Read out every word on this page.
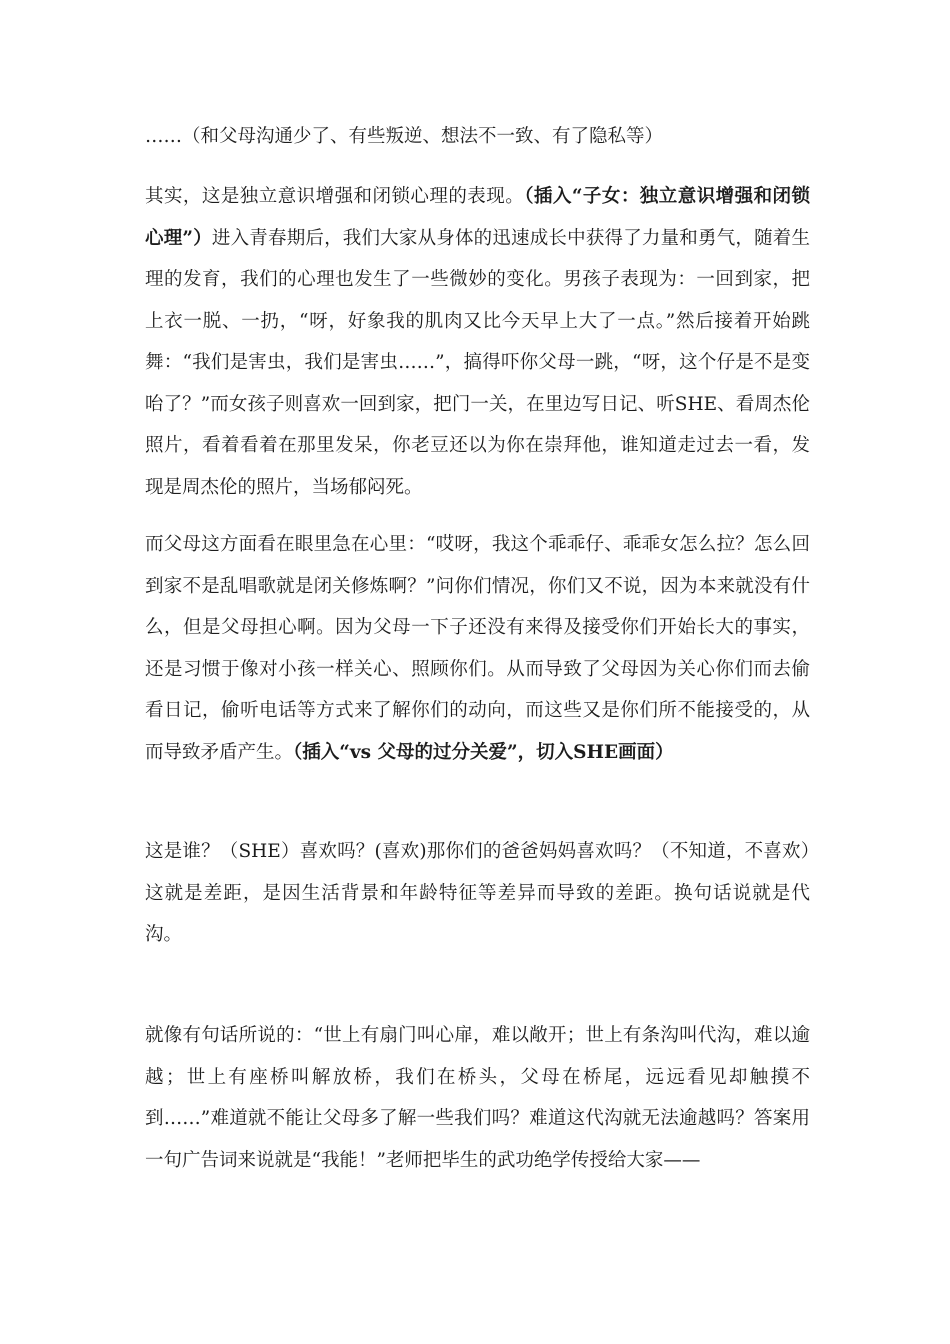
……（和父母沟通少了、有些叛逆、想法不一致、有了隐私等）

其实，这是独立意识增强和闭锁心理的表现。（插入“子女：独立意识增强和闭锁心理”）进入青春期后，我们大家从身体的迅速成长中获得了力量和勇气，随着生理的发育，我们的心理也发生了一些微妙的变化。男孩子表现为：一回到家，把上衣一脱、一扔，“呀，好象我的肌肉又比今天早上大了一点。”然后接着开始跳舞：“我们是害虫，我们是害虫……”，搞得吓你父母一跳，“呀，这个仔是不是变咍了？”而女孩子则喜欢一回到家，把门一关，在里边写日记、听SHE、看周杰伦照片，看着看着在那里发呆，你老豆还以为你在崇拜他，谁知道走过去一看，发现是周杰伦的照片，当场郁闷死。

而父母这方面看在眼里急在心里：“哎呀，我这个乖乖仔、乖乖女怎么拉？怎么回到家不是乱唱歌就是闭关修炼啊？”问你们情况，你们又不说，因为本来就没有什么，但是父母担心啊。因为父母一下子还没有来得及接受你们开始长大的事实，还是习惯于像对小孩一样关心、照顾你们。从而导致了父母因为关心你们而去偷看日记，偷听电话等方式来了解你们的动向，而这些又是你们所不能接受的，从而导致矛盾产生。（插入“vs 父母的过分关爱”，切入SHE画面）

这是谁？（SHE）喜欢吗？(喜欢)那你们的爸爸妈妈喜欢吗？（不知道，不喜欢）这就是差距，是因生活背景和年龄特征等差异而导致的差距。换句话说就是代沟。

就像有句话所说的：“世上有扇门叫心扉，难以敞开；世上有条沟叫代沟，难以逾越；世上有座桥叫解放桥，我们在桥头，父母在桥尾，远远看见却触摸不到……”难道就不能让父母多了解一些我们吗？难道这代沟就无法逾越吗？答案用一句广告词来说就是“我能！”老师把毕生的武功绝学传授给大家——
